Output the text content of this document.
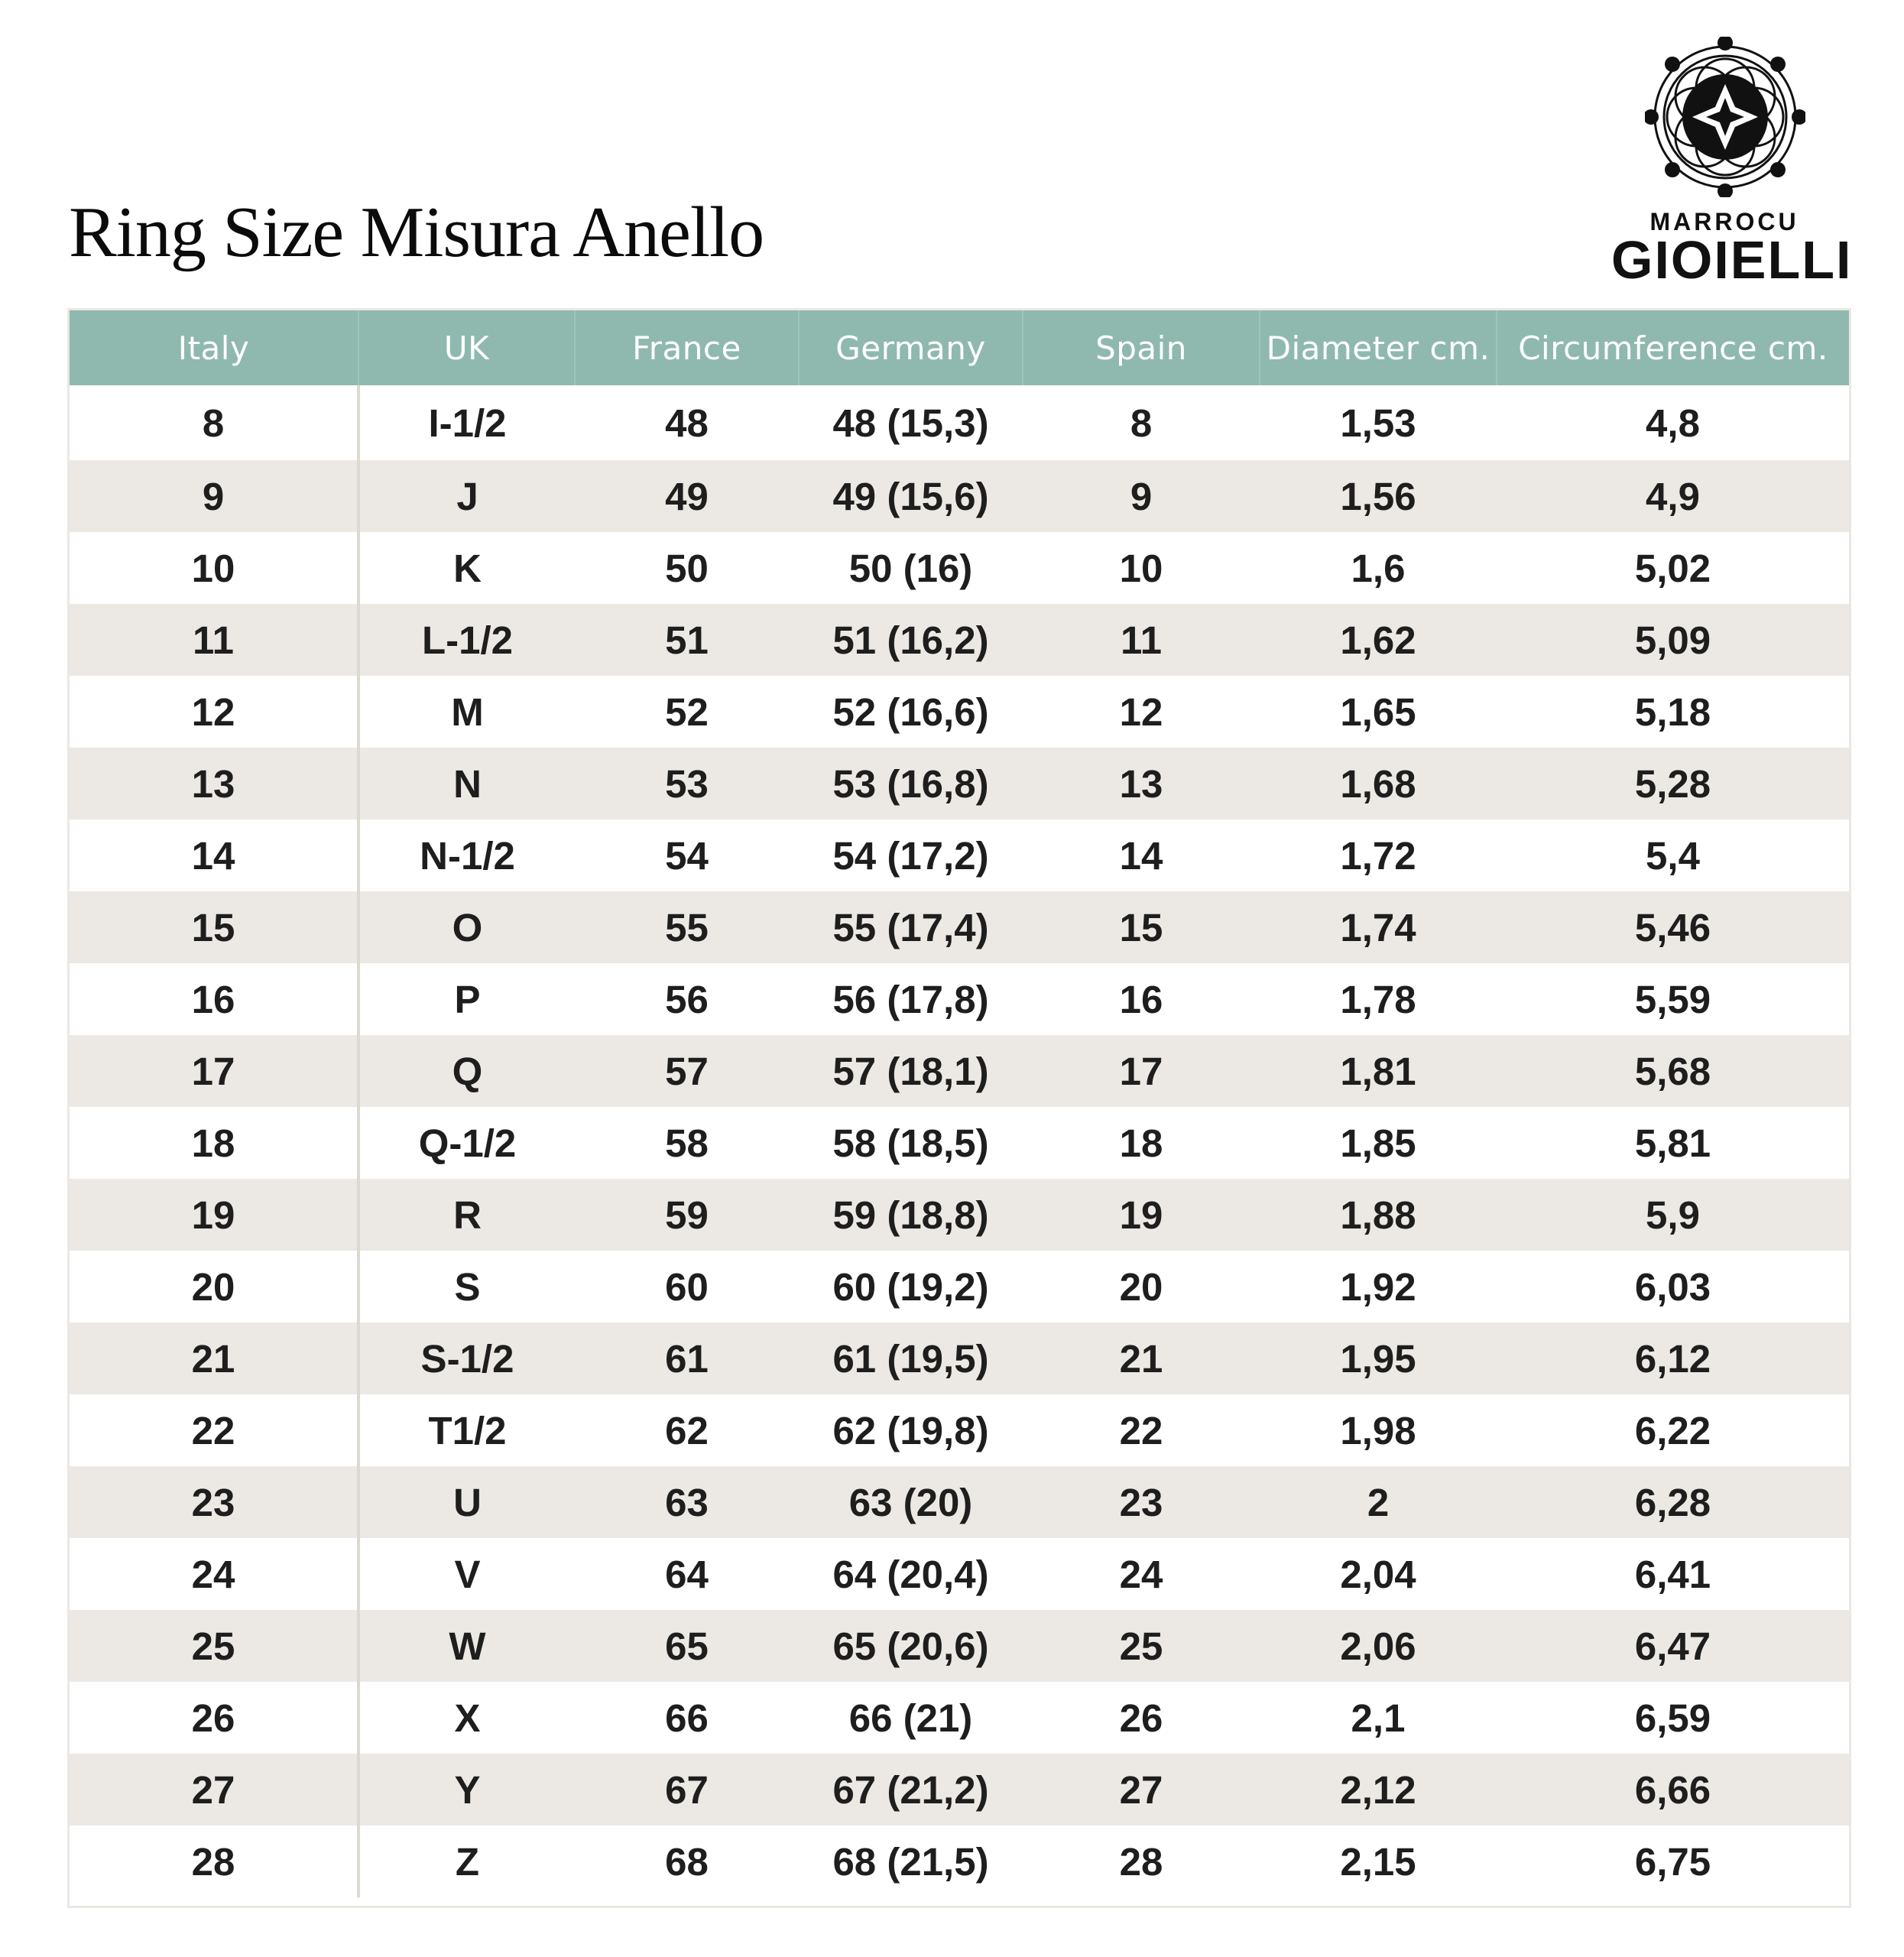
Ring Size Misura Anello	MARROCU
GIOIELLI
Italy	UK	France	Germany	Spain	Diameter cm.	Circumference cm.
8	I-1/2	48	48 (15,3)	8	1,53	4,8
9	J	49	49 (15,6)	9	1,56	4,9
10	K	50	50 (16)	10	1,6	5,02
11	L-1/2	51	51 (16,2)	11	1,62	5,09
12	M	52	52 (16,6)	12	1,65	5,18
13	N	53	53 (16,8)	13	1,68	5,28
14	N-1/2	54	54 (17,2)	14	1,72	5,4
15	O	55	55 (17,4)	15	1,74	5,46
16	P	56	56 (17,8)	16	1,78	5,59
17	Q	57	57 (18,1)	17	1,81	5,68
18	Q-1/2	58	58 (18,5)	18	1,85	5,81
19	R	59	59 (18,8)	19	1,88	5,9
20	S	60	60 (19,2)	20	1,92	6,03
21	S-1/2	61	61 (19,5)	21	1,95	6,12
22	T1/2	62	62 (19,8)	22	1,98	6,22
23	U	63	63 (20)	23	2	6,28
24	V	64	64 (20,4)	24	2,04	6,41
25	W	65	65 (20,6)	25	2,06	6,47
26	X	66	66 (21)	26	2,1	6,59
27	Y	67	67 (21,2)	27	2,12	6,66
28	Z	68	68 (21,5)	28	2,15	6,75
